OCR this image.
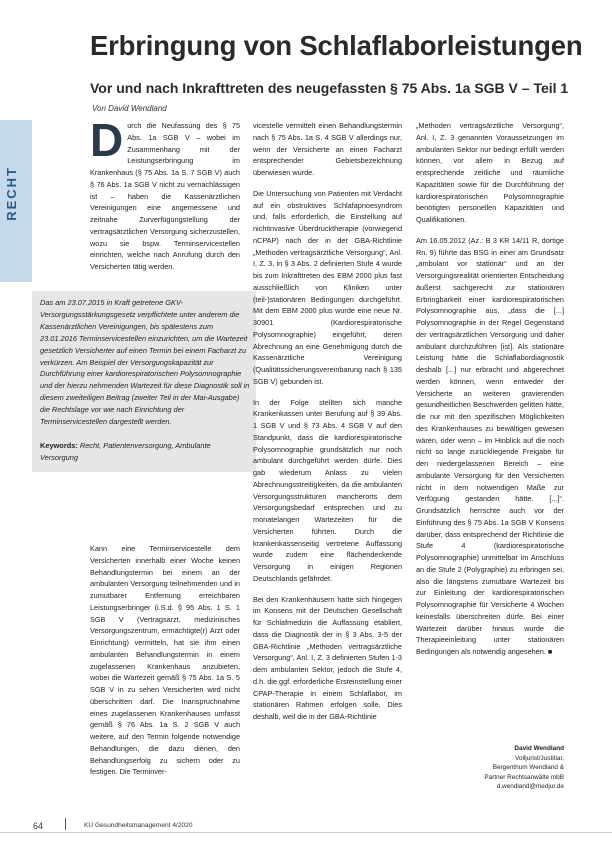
Erbringung von Schlaflaborleistungen
Vor und nach Inkrafttreten des neugefassten § 75 Abs. 1a SGB V – Teil 1
Von David Wendland
RECHT

Durch die Neufassung des § 75 Abs. 1a SGB V – wobei im Zusammenhang mit der Leistungserbringung im Krankenhaus (§ 75 Abs. 1a S. 7 SGB V) auch § 76 Abs. 1a SGB V nicht zu vernachlässigen ist – haben die Kassenärztlichen Vereinigungen eine angemessene und zeitnahe Zurverfügungstellung der vertragsärztlichen Versorgung sicherzustellen, wozu sie bspw. Terminservicestellen einrichten, welche nach Anrufung durch den Versicherten tätig werden.

Das am 23.07.2015 in Kraft getretene GKV-Versorgungsstärkungsgesetz verpflichtete unter anderem die Kassenärztlichen Vereinigungen, bis spätestens zum 23.01.2016 Terminservicestellen einzurichten, um die Wartezeit gesetzlich Versicherter auf einen Termin bei einem Facharzt zu verkürzen. Am Beispiel der Versorgungskapazität zur Durchführung einer kardiorespiratorischen Polysomnographie und der hierzu nehmenden Wartezeit für diese Diagnostik soll in diesem zweiteiligen Beitrag (zweiter Teil in der Mai-Ausgabe) die Rechtslage vor wie nach Einrichtung der Terminservicestellen dargestellt werden.

Keywords: Recht, Patientenversorgung, Ambulante Versorgung

Kann eine Terminservicestelle dem Versicherten innerhalb einer Woche keinen Behandlungstermin bei einem an der ambulanten Versorgung teilnehmenden und in zumutbarer Entfernung erreichbaren Leistungserbringer (i.S.d. § 95 Abs. 1 S. 1 SGB V (Vertragsarzt, medizinisches Versorgungszentrum, ermächtigte(r) Arzt oder Einrichtung) vermitteln, hat sie ihm einen ambulanten Behandlungstermin in einem zugelassenen Krankenhaus anzubieten, wobei die Wartezeit gemäß § 75 Abs. 1a S. 5 SGB V in zu sehen Versicherten wird nicht überschritten darf. Die Inanspruchnahme eines zugelassenen Krankenhauses umfasst gemäß § 76 Abs. 1a S. 2 SGB V auch weitere, auf den Termin folgende notwendige Behandlungen, die dazu dienen, den Behandlungserfolg zu sichern oder zu festigen. Die Terminver-

vicestelle vermittelt einen Behandlungstermin nach § 75 Abs. 1a S. 4 SGB V allerdings nur, wenn der Versicherte an einen Facharzt entsprechender Gebietsbezeichnung überwiesen wurde.

Die Untersuchung von Patienten mit Verdacht auf ein obstruktives Schlafapnoesyndrom und, falls erforderlich, die Einstellung auf nichtinvasive Überdrucktherapie (vorwiegend nCPAP) nach der in der GBA-Richtlinie „Methoden vertragsärztliche Versorgung“, Anl. I, Z. 3, in § 3 Abs. 2 definierten Stufe 4 wurde bis zum Inkrafttreten des EBM 2000 plus fast ausschließlich von Kliniken unter (teil-)stationären Bedingungen durchgeführt. Mit dem EBM 2000 plus wurde eine neue Nr. 30901 (Kardiorespiratorische Polysomnographie) eingeführt, deren Abrechnung an eine Genehmigung durch die Kassenärztliche Vereinigung (Qualitätssicherungsvereinbarung nach § 135 SGB V) gebunden ist.

In der Folge stellten sich manche Krankenkassen unter Berufung auf § 39 Abs. 1 SGB V und § 73 Abs. 4 SGB V auf den Standpunkt, dass die kardiorespiratorische Polysomnographie grundsätzlich nur noch ambulant durchgeführt werden dürfe. Dies gab wiederum Anlass zu vielen Abrechnungsstreitigkeiten, da die ambulanten Versorgungsstrukturen mancherorts dem Versorgungsbedarf entsprechen und zu monatelangen Wartezeiten für die Versicherten führten. Durch die krankenkassenseitig vertretene Auffassung wurde zudem eine flächendeckende Versorgung in einigen Regionen Deutschlands gefährdet.

Bei den Krankenhäusern hatte sich hingegen im Konsens mit der Deutschen Gesellschaft für Schlafmedizin die Auffassung etabliert, dass die Diagnostik der in § 3 Abs. 3-5 der GBA-Richtlinie „Methoden vertragsärztliche Versorgung“, Anl. I, Z. 3 definierten Stufen 1-3 dem ambulanten Sektor, jedoch die Stufe 4, d.h. die ggf. erforderliche Ersteinstellung einer CPAP-Therapie in einem Schlaflabor, im stationären Rahmen erfolgen solle. Dies deshalb, weil die in der GBA-Richtlinie

„Methoden vertragsärztliche Versorgung“, Anl. I, Z. 3 genannten Voraussetzungen im ambulanten Sektor nur bedingt erfüllt werden können, vor allem in Bezug auf entsprechende zeitliche und räumliche Kapazitäten sowie für die Durchführung der kardiorespiratorischen Polysomnographie benötigten personellen Kapazitäten und Qualifikationen.

Am 16.05.2012 (Az.: B 3 KR 14/11 R, dortige Rn. 9) führte das BSG in einer am Grundsatz „ambulant vor stationär“ und an der Versorgungsrealität orientierten Entscheidung äußerst sachgerecht zur stationären Erbringbarkeit einer kardiorespiratorischen Polysomnographie aus, „dass die [...] Polysomnographie in der Regel Gegenstand der vertragsärztlichen Versorgung und daher ambulant durchzuführen [ist]. Als stationäre Leistung hätte die Schlaflabordiagnostik deshalb [...] nur erbracht und abgerechnet werden können, wenn entweder der Versicherte an weiteren gravierenden gesundheitlichen Beschwerden gelitten hätte, die nur mit den spezifischen Möglichkeiten des Krankenhauses zu bewältigen gewesen wären, oder wenn – im Hinblick auf die noch nicht so lange zurückliegende Freigabe für den niedergelassenen Bereich – eine ambulante Versorgung für den Versicherten nicht in dem notwendigen Maße zur Verfügung gestanden hätte. [...]“. Grundsätzlich herrschte auch vor der Einführung des § 75 Abs. 1a SGB V Konsens darüber, dass entsprechend der Richtlinie die Stufe 4 (kardiorespiratorische Polysomnographie) unmittelbar im Anschluss an die Stufe 2 (Polygraphie) zu erbringen sei, also die längstens zumutbare Wartezeit bis zur Einleitung der kardiorespiratorischen Polysomnographie für Versicherte 4 Wochen keinesfalls überschreiten dürfe. Bei einer Wartezeit darüber hinaus wurde die Therapieeinleitung unter stationären Bedingungen als notwendig angesehen. ■

David Wendland
Volljurist/Justitiar,
Bergenthum Wendland &
Partner Rechtsanwälte mbB
d.wendland@medjur.de
64	KU Gesundheitsmanagement 4/2020
